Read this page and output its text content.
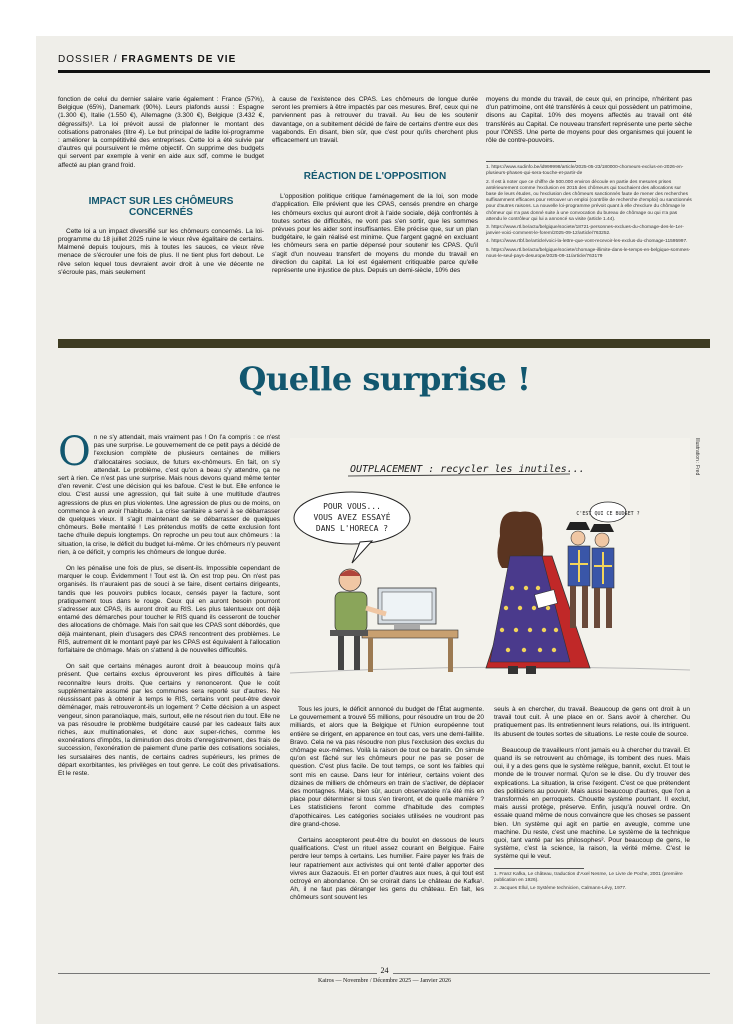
DOSSIER / FRAGMENTS DE VIE

fonction de celui du dernier salaire varie également : France (57%), Belgique (65%), Danemark (90%). Leurs plafonds aussi : Espagne (1.300 €), Italie (1.550 €), Allemagne (3.300 €), Belgique (3.432 €, dégressifs)³. La loi prévoit aussi de plafonner le montant des cotisations patronales (titre 4). Le but principal de ladite loi-programme : améliorer la compétitivité des entreprises. Cette loi a été suivie par d'autres qui poursuivent le même objectif. On supprime des budgets qui servent par exemple à venir en aide aux sdf, comme le budget affecté au plan grand froid.

IMPACT SUR LES CHÔMEURS CONCERNÉS

Cette loi a un impact diversifié sur les chômeurs concernés. La loi-programme du 18 juillet 2025 ruine le vieux rêve égalitaire de certains. Malmené depuis toujours, mis à toutes les sauces, ce vieux rêve menace de s'écrouler une fois de plus. Il ne tient plus fort debout. Le rêve selon lequel tous devraient avoir droit à une vie décente ne s'écroule pas, mais seulement

à cause de l'existence des CPAS. Les chômeurs de longue durée seront les premiers à être impactés par ces mesures. Bref, ceux qui ne parviennent pas à retrouver du travail. Au lieu de les soutenir davantage, on a subitement décidé de faire de certains d'entre eux des vagabonds. En disant, bien sûr, que c'est pour qu'ils cherchent plus efficacement un travail.

RÉACTION DE L'OPPOSITION

L'opposition politique critique l'aménagement de la loi, son mode d'application. Elle prévient que les CPAS, censés prendre en charge les chômeurs exclus qui auront droit à l'aide sociale, déjà confrontés à toutes sortes de difficultés, ne vont pas s'en sortir, que les sommes prévues pour les aider sont insuffisantes. Elle précise que, sur un plan budgétaire, le gain réalisé est minime. Que l'argent gagné en excluant les chômeurs sera en partie dépensé pour soutenir les CPAS. Qu'il s'agit d'un nouveau transfert de moyens du monde du travail en direction du capital. La loi est également critiquable parce qu'elle représente une injustice de plus. Depuis un demi-siècle, 10% des

moyens du monde du travail, de ceux qui, en principe, n'héritent pas d'un patrimoine, ont été transférés à ceux qui possèdent un patrimoine, disons au Capital. 10% des moyens affectés au travail ont été transférés au Capital. Ce nouveau transfert représente une perte sèche pour l'ONSS. Une perte de moyens pour des organismes qui jouent le rôle de contre-pouvoirs.

1. https://www.sudinfo.be/id999998/article/2025-05-23/180000-chomeurs-exclus-en-2026-en-plusieurs-phases-qui-sera-touche-et-partir-de

2. Il est à noter que ce chiffre de 500.000 environ découle en partie des mesures prises antérieurement comme l'exclusion en 2015 des chômeurs qui touchaient des allocations sur base de leurs études, ou l'exclusion des chômeurs sanctionnés faute de mener des recherches suffisamment efficaces pour retrouver un emploi (contrôle de recherche d'emploi) ou sanctionnés pour d'autres raisons. La nouvelle loi-programme prévoit quant à elle d'exclure du chômage le chômeur qui n'a pas donné suite à une convocation du bureau de chômage ou qui n'a pas attendu le contrôleur qui lui a annoncé sa visite (article 1.44).

3. https://www.rtl.be/actu/belgique/societe/18721-personnes-exclues-du-chomage-des-le-1er-janvier-voici-comment-le-forem/2025-09-12/article/763252.

4. https://www.rtbf.be/article/voici-la-lettre-que-vont-recevoir-les-exclus-du-chomage-11595997.

5. https://www.rtl.be/actu/belgique/societe/chomage-illimite-dans-le-temps-en-belgique-sommes-nous-le-seul-pays-desurope/2025-09-11/article/763179

Quelle surprise !

On ne s'y attendait, mais vraiment pas ! On l'a compris : ce n'est pas une surprise. Le gouvernement de ce petit pays a décidé de l'exclusion complète de plusieurs centaines de milliers d'allocataires sociaux, de futurs ex-chômeurs. En fait, on s'y attendait. Le problème, c'est qu'on a beau s'y attendre, ça ne sert à rien. Ce n'est pas une surprise. Mais nous devons quand même tenter d'en revenir. C'est une décision qui les bafoue. C'est le but. Elle enfonce le clou. C'est aussi une agression, qui fait suite à une multitude d'autres agressions de plus en plus violentes. Une agression de plus ou de moins, on commence à en avoir l'habitude. La crise sanitaire a servi à se débarrasser de quelques vieux. Il s'agit maintenant de se débarrasser de quelques chômeurs. Belle mentalité ! Les prétendus motifs de cette exclusion font tache d'huile depuis longtemps. On reproche un peu tout aux chômeurs : la situation, la crise, le déficit du budget lui-même. Or les chômeurs n'y peuvent rien, à ce déficit, y compris les chômeurs de longue durée.

On les pénalise une fois de plus, se disent-ils. Impossible cependant de marquer le coup. Évidemment ! Tout est là. On est trop peu. On n'est pas organisés. Ils n'auraient pas de souci à se faire, disent certains dirigeants, tandis que les pouvoirs publics locaux, censés payer la facture, sont pratiquement tous dans le rouge. Ceux qui en auront besoin pourront s'adresser aux CPAS, ils auront droit au RIS. Les plus talentueux ont déjà entamé des démarches pour toucher le RIS quand ils cesseront de toucher des allocations de chômage. Mais l'on sait que les CPAS sont débordés, que déjà maintenant, plein d'usagers des CPAS rencontrent des problèmes. Le RIS, autrement dit le montant payé par les CPAS est équivalent à l'allocation forfaitaire de chômage. Mais on s'attend à de nouvelles difficultés.

On sait que certains ménages auront droit à beaucoup moins qu'à présent. Que certains exclus éprouveront les pires difficultés à faire reconnaître leurs droits. Que certains y renonceront. Que le coût supplémentaire assumé par les communes sera reporté sur d'autres. Ne réussissant pas à obtenir à temps le RIS, certains vont peut-être devoir déménager, mais retrouveront-ils un logement ? Cette décision a un aspect vengeur, sinon paranoïaque, mais, surtout, elle ne résout rien du tout. Elle ne va pas résoudre le problème budgétaire causé par les cadeaux faits aux riches, aux multinationales, et donc aux super-riches, comme les exonérations d'impôts, la diminution des droits d'enregistrement, des frais de succession, l'exonération de paiement d'une partie des cotisations sociales, les sursalaires des nantis, de certains cadres supérieurs, les primes de départ exorbitantes, les privilèges en tout genre. Le coût des privatisations. Et le reste.

OUTPLACEMENT : recycler les inutiles...
POUR VOUS...
VOUS AVEZ ESSAYÉ
DANS L'HORECA ?
C'EST QUI CE BUDGET ?
Illustration : Fred

Tous les jours, le déficit annoncé du budget de l'État augmente. Le gouvernement a trouvé 55 millions, pour résoudre un trou de 20 milliards, et alors que la Belgique et l'Union européenne tout entière se dirigent, en apparence en tout cas, vers une demi-faillite. Bravo. Cela ne va pas résoudre non plus l'exclusion des exclus du chômage eux-mêmes. Voilà la raison de tout ce baratin. On simule qu'on est fâché sur les chômeurs pour ne pas se poser de question. C'est plus facile. De tout temps, ce sont les faibles qui sont mis en cause. Dans leur for intérieur, certains voient des dizaines de milliers de chômeurs en train de s'activer, de déplacer des montagnes. Mais, bien sûr, aucun observatoire n'a été mis en place pour déterminer si tous s'en tireront, et de quelle manière ? Les statisticiens feront comme d'habitude des comptes d'apothicaires. Les catégories sociales utilisées ne voudront pas dire grand-chose.

Certains accepteront peut-être du boulot en dessous de leurs qualifications. C'est un rituel assez courant en Belgique. Faire perdre leur temps à certains. Les humilier. Faire payer les frais de leur rapatriement aux activistes qui ont tenté d'aller apporter des vivres aux Gazaouis. Et en porter d'autres aux nues, à qui tout est octroyé en abondance. On se croirait dans Le château de Kafka¹. Ah, il ne faut pas déranger les gens du château. En fait, les chômeurs sont souvent les

seuls à en chercher, du travail. Beaucoup de gens ont droit à un travail tout cuit. À une place en or. Sans avoir à chercher. Ou pratiquement pas. Ils entretiennent leurs relations, oui. Ils intriguent. Ils abusent de toutes sortes de situations. Le reste coule de source.

Beaucoup de travailleurs n'ont jamais eu à chercher du travail. Et quand ils se retrouvent au chômage, ils tombent des nues. Mais oui, il y a des gens que le système relègue, bannit, exclut. Et tout le monde de le trouver normal. Qu'on se le dise. Ou d'y trouver des explications. La situation, la crise l'exigent. C'est ce que prétendent des politiciens au pouvoir. Mais aussi beaucoup d'autres, que l'on a transformés en perroquets. Chouette système pourtant. Il exclut, mais aussi protège, préserve. Enfin, jusqu'à nouvel ordre. On essaie quand même de nous convaincre que les choses se passent bien. Un système qui agit en partie en aveugle, comme une machine. Du reste, c'est une machine. Le système de la technique quoi, tant vanté par les philosophes². Pour beaucoup de gens, le système, c'est la science, la raison, la vérité même. C'est le système qui le veut.

1. Franz Kafka, Le château, traduction d'Axel Nesme, Le Livre de Poche, 2001 (première publication en 1926).

2. Jacques Ellul, Le Système technicien, Calmann-Lévy, 1977.

24
Kairos — Novembre / Décembre 2025 — Janvier 2026
